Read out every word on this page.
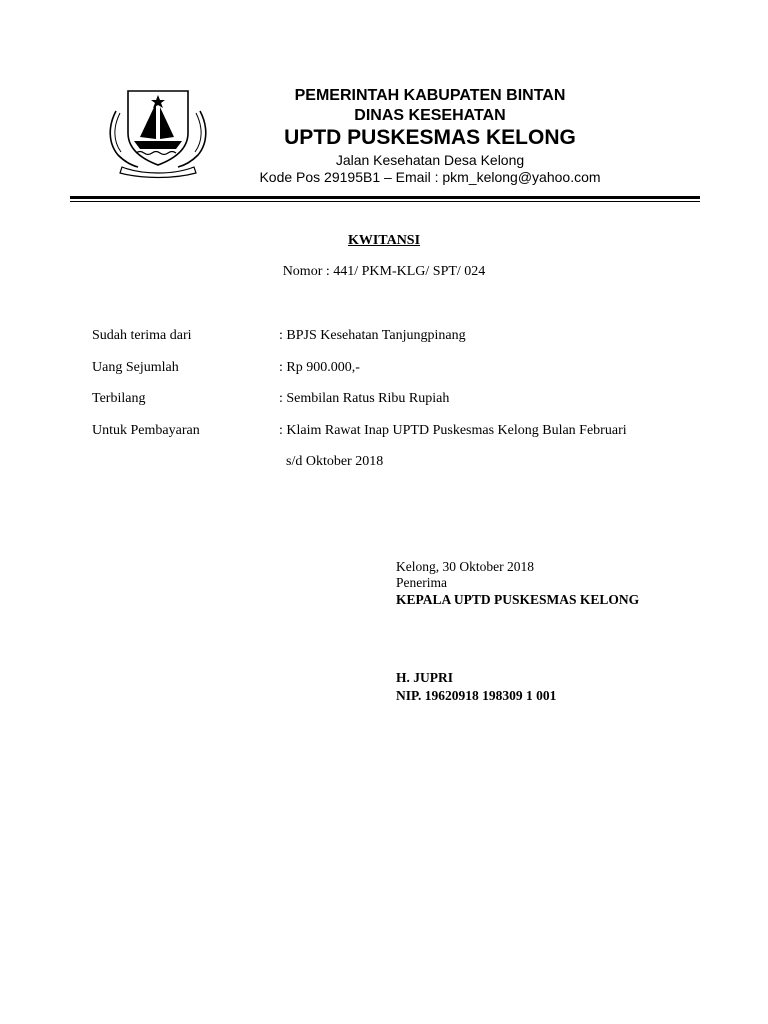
PEMERINTAH KABUPATEN BINTAN
DINAS KESEHATAN
UPTD PUSKESMAS KELONG
Jalan Kesehatan Desa Kelong
Kode Pos 29195B1 – Email : pkm_kelong@yahoo.com
KWITANSI
Nomor : 441/ PKM-KLG/ SPT/ 024
Sudah terima dari	: BPJS Kesehatan Tanjungpinang
Uang Sejumlah	: Rp 900.000,-
Terbilang	: Sembilan Ratus Ribu Rupiah
Untuk Pembayaran	: Klaim Rawat Inap UPTD Puskesmas Kelong Bulan Februari
s/d Oktober 2018
Kelong, 30 Oktober 2018
Penerima
KEPALA UPTD PUSKESMAS KELONG
H. JUPRI
NIP. 19620918 198309 1 001
